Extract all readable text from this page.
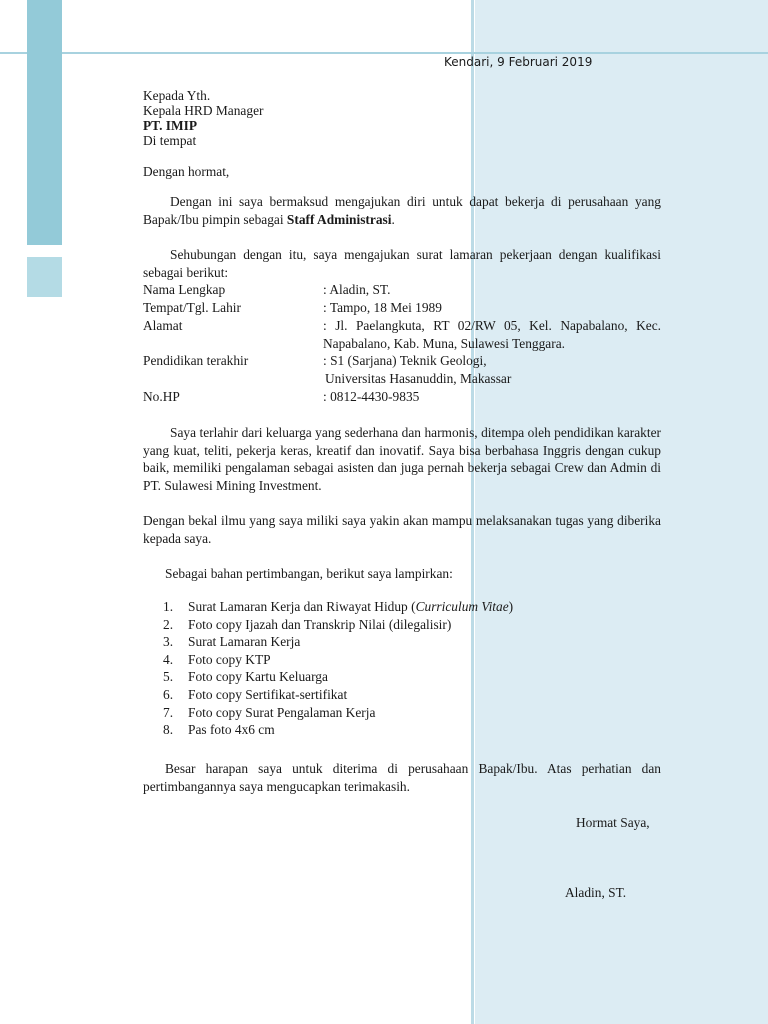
Kendari, 9 Februari 2019
Kepada Yth.
Kepala HRD Manager
PT. IMIP
Di tempat
Dengan hormat,
Dengan ini saya bermaksud mengajukan diri untuk dapat bekerja di perusahaan yang Bapak/Ibu pimpin sebagai Staff Administrasi.
Sehubungan dengan itu, saya mengajukan surat lamaran pekerjaan dengan kualifikasi sebagai berikut:
Nama Lengkap	: Aladin, ST.
Tempat/Tgl. Lahir	: Tampo, 18 Mei 1989
Alamat	: Jl. Paelangkuta, RT 02/RW 05, Kel. Napabalano, Kec. Napabalano, Kab. Muna, Sulawesi Tenggara.
Pendidikan terakhir	: S1 (Sarjana) Teknik Geologi,
Universitas Hasanuddin, Makassar
No.HP	: 0812-4430-9835
Saya terlahir dari keluarga yang sederhana dan harmonis, ditempa oleh pendidikan karakter yang kuat, teliti, pekerja keras, kreatif dan inovatif. Saya bisa berbahasa Inggris dengan cukup baik, memiliki pengalaman sebagai asisten dan juga pernah bekerja sebagai Crew dan Admin di PT. Sulawesi Mining Investment.
Dengan bekal ilmu yang saya miliki saya yakin akan mampu melaksanakan tugas yang diberika kepada saya.
Sebagai bahan pertimbangan, berikut saya lampirkan:
1. Surat Lamaran Kerja dan Riwayat Hidup (Curriculum Vitae)
2. Foto copy Ijazah dan Transkrip Nilai (dilegalisir)
3. Surat Lamaran Kerja
4. Foto copy KTP
5. Foto copy Kartu Keluarga
6. Foto copy Sertifikat-sertifikat
7. Foto copy Surat Pengalaman Kerja
8. Pas foto 4x6 cm
Besar harapan saya untuk diterima di perusahaan Bapak/Ibu. Atas perhatian dan pertimbangannya saya mengucapkan terimakasih.
Hormat Saya,
Aladin, ST.
